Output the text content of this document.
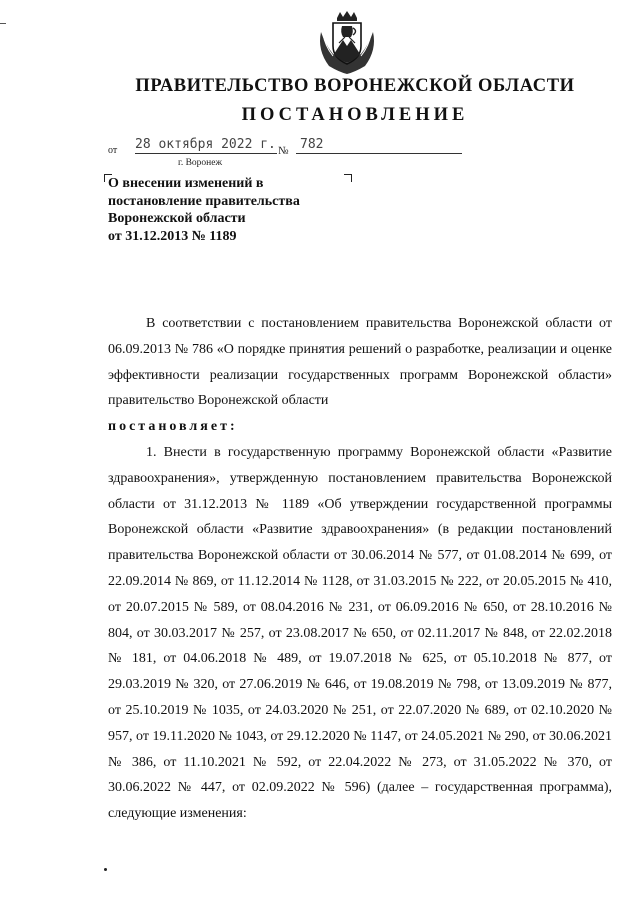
ПРАВИТЕЛЬСТВО ВОРОНЕЖСКОЙ ОБЛАСТИ
ПОСТАНОВЛЕНИЕ
от 28 октября 2022 г. № 782
г. Воронеж
О внесении изменений в
постановление правительства
Воронежской области
от 31.12.2013 № 1189

В соответствии с постановлением правительства Воронежской области от 06.09.2013 № 786 «О порядке принятия решений о разработке, реализации и оценке эффективности реализации государственных программ Воронежской области» правительство Воронежской области

постановляет:

1. Внести в государственную программу Воронежской области «Развитие здравоохранения», утвержденную постановлением правительства Воронежской области от 31.12.2013 № 1189 «Об утверждении государственной программы Воронежской области «Развитие здравоохранения» (в редакции постановлений правительства Воронежской области от 30.06.2014 № 577, от 01.08.2014 № 699, от 22.09.2014 № 869, от 11.12.2014 № 1128, от 31.03.2015 № 222, от 20.05.2015 № 410, от 20.07.2015 № 589, от 08.04.2016 № 231, от 06.09.2016 № 650, от 28.10.2016 № 804, от 30.03.2017 № 257, от 23.08.2017 № 650, от 02.11.2017 № 848, от 22.02.2018 № 181, от 04.06.2018 № 489, от 19.07.2018 № 625, от 05.10.2018 № 877, от 29.03.2019 № 320, от 27.06.2019 № 646, от 19.08.2019 № 798, от 13.09.2019 № 877, от 25.10.2019 № 1035, от 24.03.2020 № 251, от 22.07.2020 № 689, от 02.10.2020 № 957, от 19.11.2020 № 1043, от 29.12.2020 № 1147, от 24.05.2021 № 290, от 30.06.2021 № 386, от 11.10.2021 № 592, от 22.04.2022 № 273, от 31.05.2022 № 370, от 30.06.2022 № 447, от 02.09.2022 № 596) (далее – государственная программа), следующие изменения:
